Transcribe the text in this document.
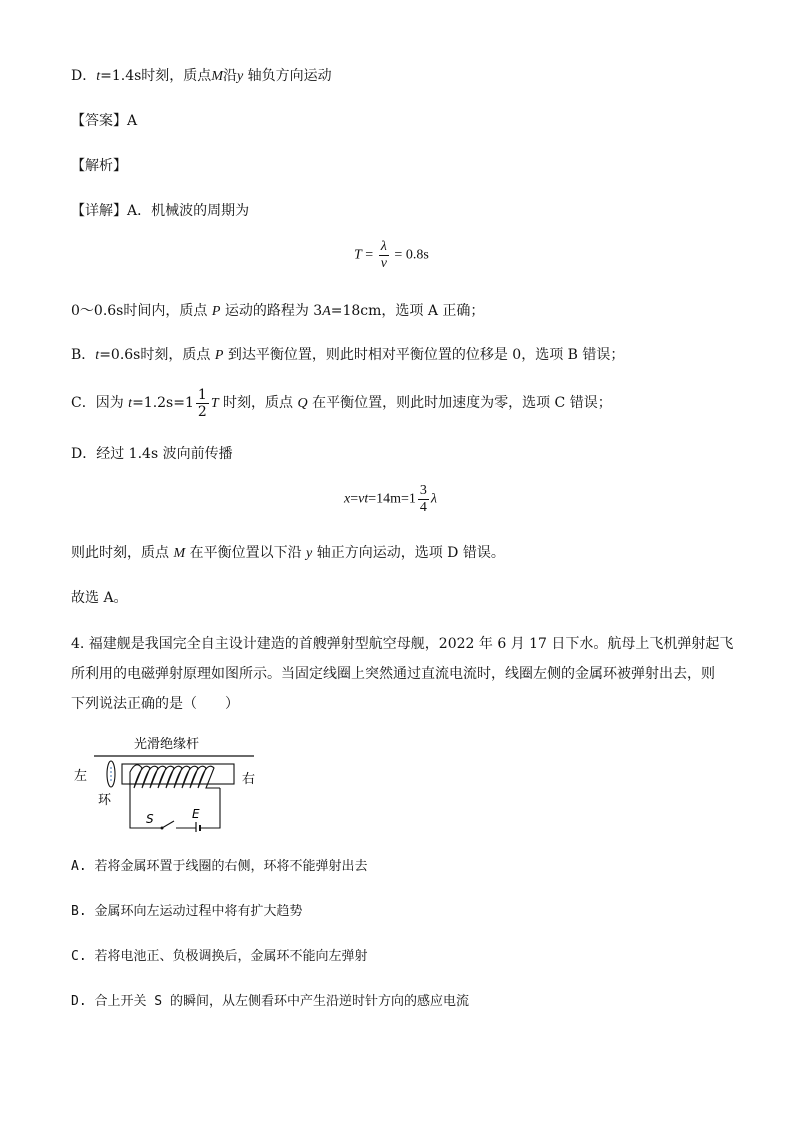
D．t=1.4s时刻，质点M沿y 轴负方向运动
【答案】A
【解析】
【详解】A．机械波的周期为
$T = \frac{\lambda}{v} = 0.8s$
0～0.6s时间内，质点 P 运动的路程为 3A=18cm，选项 A 正确；
B．t=0.6s时刻，质点 P 到达平衡位置，则此时相对平衡位置的位移是 0，选项 B 错误；
C．因为 $t=1.2s=1 \frac{1}{2}$ T 时刻，质点 Q 在平衡位置，则此时加速度为零，选项 C 错误；
D．经过 1.4s 波向前传播
$x=vt=14m=1 \frac{3}{4}$ λ
则此时刻，质点 M 在平衡位置以下沿 y 轴正方向运动，选项 D 错误。
故选 A。
4. 福建舰是我国完全自主设计建造的首艘弹射型航空母舰，2022 年 6 月 17 日下水。航母上飞机弹射起飞
所利用的电磁弹射原理如图所示。当固定线圈上突然通过直流电流时，线圈左侧的金属环被弹射出去，则
下列说法正确的是（　　）
光滑绝缘杆
左	右
环
S	E
A. 若将金属环置于线圈的右侧，环将不能弹射出去
B. 金属环向左运动过程中将有扩大趋势
C. 若将电池正、负极调换后，金属环不能向左弹射
D. 合上开关 S 的瞬间，从左侧看环中产生沿逆时针方向的感应电流
